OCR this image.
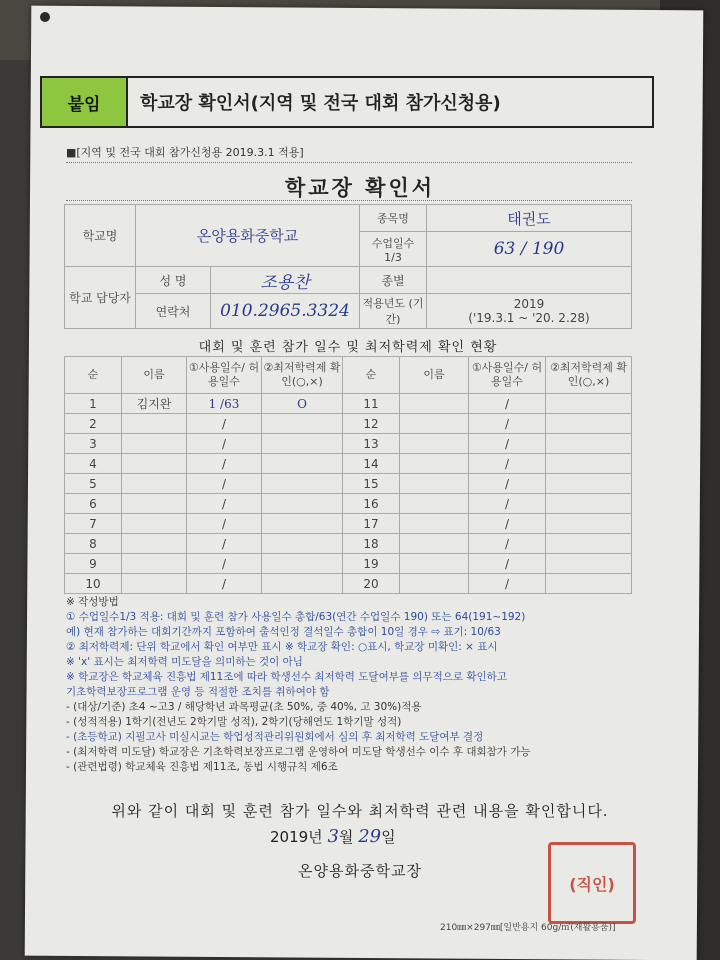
붙임	학교장 확인서(지역 및 전국 대회 참가신청용)
■[지역 및 전국 대회 참가신청용 2019.3.1 적용]
학교장 확인서
학교명	온양용화중학교		종목명	태권도
			수업일수 1/3	63 / 190
학교 담당자	성 명	조용찬	종별	
	연락처	010.2965.3324	적용년도 (기간)	2019
('19.3.1 ~ '20. 2.28)
대회 및 훈련 참가 일수 및 최저학력제 확인 현황
순	이름	①사용일수/ 허용일수	②최저학력제 확인(○,×)	순	이름	①사용일수/ 허용일수	②최저학력제 확인(○,×)
1	김지완	1 /63	O	11		/	
2		/		12		/	
3		/		13		/	
4		/		14		/	
5		/		15		/	
6		/		16		/	
7		/		17		/	
8		/		18		/	
9		/		19		/	
10		/		20		/	
※ 작성방법
① 수업일수1/3 적용: 대회 및 훈련 참가 사용일수 총합/63(연간 수업일수 190) 또는 64(191~192)
예) 현재 참가하는 대회기간까지 포함하여 출석인정 결석일수 총합이 10일 경우 ⇨ 표기: 10/63
② 최저학력제: 단위 학교에서 확인 여부만 표시 ※ 학교장 확인: ○표시, 학교장 미확인: × 표시
※ 'x' 표시는 최저학력 미도달을 의미하는 것이 아님
※ 학교장은 학교체육 진흥법 제11조에 따라 학생선수 최저학력 도달여부를 의무적으로 확인하고
기초학력보장프로그램 운영 등 적절한 조치를 취하여야 함
- (대상/기준) 초4 ~고3 / 해당학년 과목평균(초 50%, 중 40%, 고 30%)적용
- (성적적용) 1학기(전년도 2학기말 성적), 2학기(당해연도 1학기말 성적)
- (초등학교) 지필고사 미실시교는 학업성적관리위원회에서 심의 후 최저학력 도달여부 결정
- (최저학력 미도달) 학교장은 기초학력보장프로그램 운영하여 미도달 학생선수 이수 후 대회참가 가능
- (관련법령) 학교체육 진흥법 제11조, 동법 시행규칙 제6조
위와 같이 대회 및 훈련 참가 일수와 최저학력 관련 내용을 확인합니다.
2019년 3월 29일
온양용화중학교장
(직인)
210㎜×297㎜[일반용지 60g/㎡(재활용품)]
